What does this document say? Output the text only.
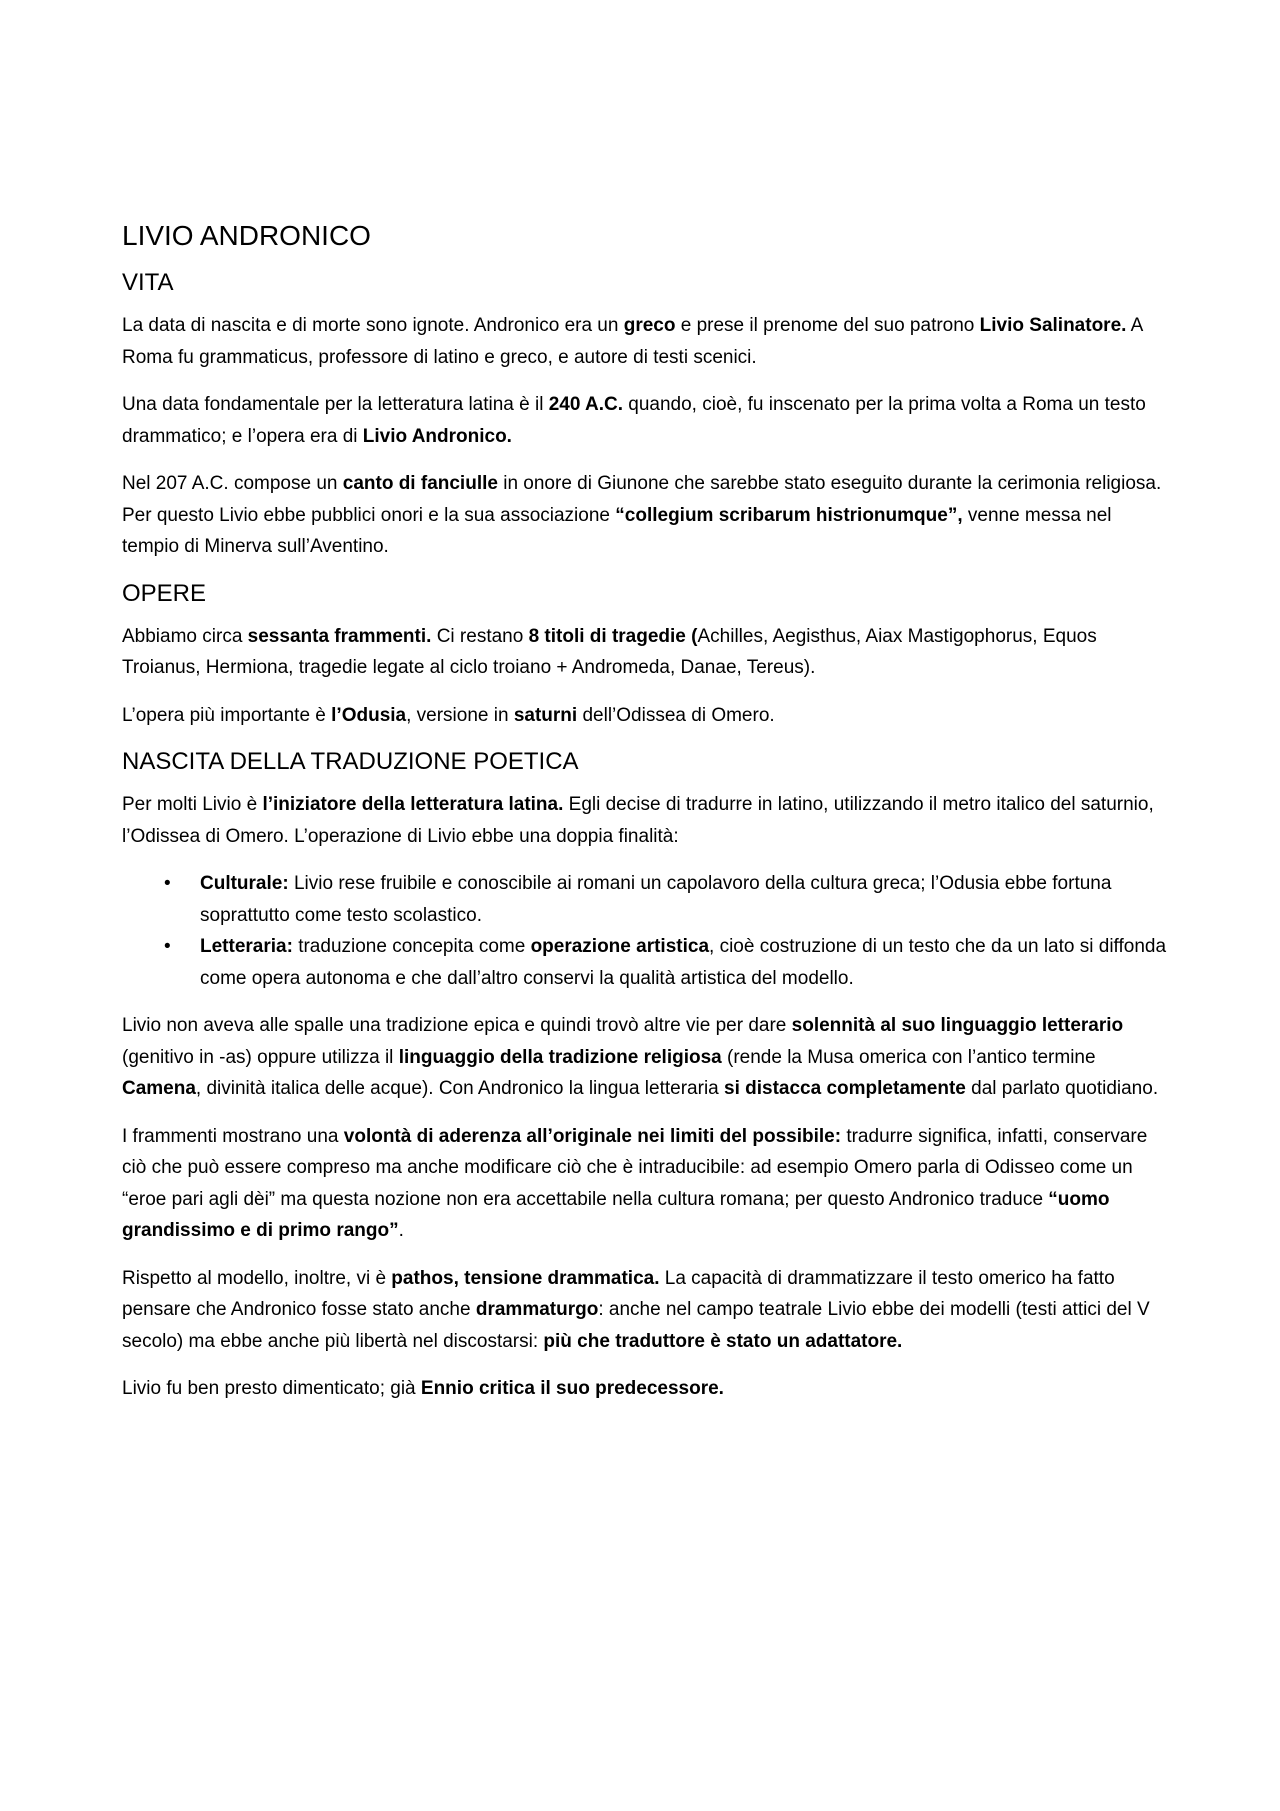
LIVIO ANDRONICO
VITA

La data di nascita e di morte sono ignote. Andronico era un greco e prese il prenome del suo patrono Livio Salinatore. A Roma fu grammaticus, professore di latino e greco, e autore di testi scenici.

Una data fondamentale per la letteratura latina è il 240 A.C. quando, cioè, fu inscenato per la prima volta a Roma un testo drammatico; e l’opera era di Livio Andronico.

Nel 207 A.C. compose un canto di fanciulle in onore di Giunone che sarebbe stato eseguito durante la cerimonia religiosa. Per questo Livio ebbe pubblici onori e la sua associazione “collegium scribarum histrionumque”, venne messa nel tempio di Minerva sull’Aventino.

OPERE

Abbiamo circa sessanta frammenti. Ci restano 8 titoli di tragedie (Achilles, Aegisthus, Aiax Mastigophorus, Equos Troianus, Hermiona, tragedie legate al ciclo troiano + Andromeda, Danae, Tereus).

L’opera più importante è l’Odusia, versione in saturni dell’Odissea di Omero.

NASCITA DELLA TRADUZIONE POETICA

Per molti Livio è l’iniziatore della letteratura latina. Egli decise di tradurre in latino, utilizzando il metro italico del saturnio, l’Odissea di Omero. L’operazione di Livio ebbe una doppia finalità:

• Culturale: Livio rese fruibile e conoscibile ai romani un capolavoro della cultura greca; l’Odusia ebbe fortuna soprattutto come testo scolastico.
• Letteraria: traduzione concepita come operazione artistica, cioè costruzione di un testo che da un lato si diffonda come opera autonoma e che dall’altro conservi la qualità artistica del modello.

Livio non aveva alle spalle una tradizione epica e quindi trovò altre vie per dare solennità al suo linguaggio letterario (genitivo in -as) oppure utilizza il linguaggio della tradizione religiosa (rende la Musa omerica con l’antico termine Camena, divinità italica delle acque). Con Andronico la lingua letteraria si distacca completamente dal parlato quotidiano.

I frammenti mostrano una volontà di aderenza all’originale nei limiti del possibile: tradurre significa, infatti, conservare ciò che può essere compreso ma anche modificare ciò che è intraducibile: ad esempio Omero parla di Odisseo come un “eroe pari agli dèi” ma questa nozione non era accettabile nella cultura romana; per questo Andronico traduce “uomo grandissimo e di primo rango”.

Rispetto al modello, inoltre, vi è pathos, tensione drammatica. La capacità di drammatizzare il testo omerico ha fatto pensare che Andronico fosse stato anche drammaturgo: anche nel campo teatrale Livio ebbe dei modelli (testi attici del V secolo) ma ebbe anche più libertà nel discostarsi: più che traduttore è stato un adattatore.

Livio fu ben presto dimenticato; già Ennio critica il suo predecessore.
